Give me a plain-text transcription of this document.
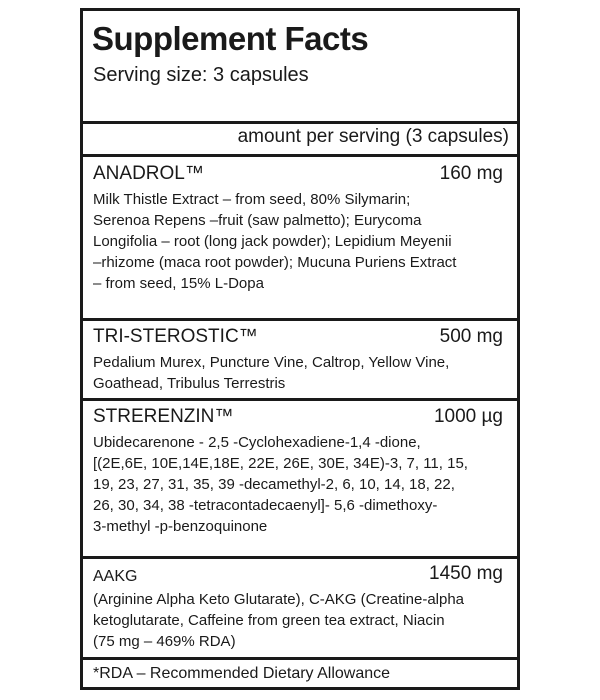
Supplement Facts
Serving size: 3 capsules
amount per serving (3 capsules)
ANADROL™	160 mg
Milk Thistle Extract – from seed, 80% Silymarin;
Serenoa Repens –fruit (saw palmetto); Eurycoma
Longifolia – root (long jack powder); Lepidium Meyenii
–rhizome (maca root powder); Mucuna Puriens Extract
– from seed, 15% L-Dopa
TRI-STEROSTIC™	500 mg
Pedalium Murex, Puncture Vine, Caltrop, Yellow Vine,
Goathead, Tribulus Terrestris
STRERENZIN™	1000 µg
Ubidecarenone - 2,5 -Cyclohexadiene-1,4 -dione,
[(2E,6E, 10E,14E,18E, 22E, 26E, 30E, 34E)-3, 7, 11, 15,
19, 23, 27, 31, 35, 39 -decamethyl-2, 6, 10, 14, 18, 22,
26, 30, 34, 38 -tetracontadecaenyl]- 5,6 -dimethoxy-
3-methyl -p-benzoquinone
AAKG	1450 mg
(Arginine Alpha Keto Glutarate), C-AKG (Creatine-alpha
ketoglutarate, Caffeine from green tea extract, Niacin
(75 mg – 469% RDA)
*RDA – Recommended Dietary Allowance
